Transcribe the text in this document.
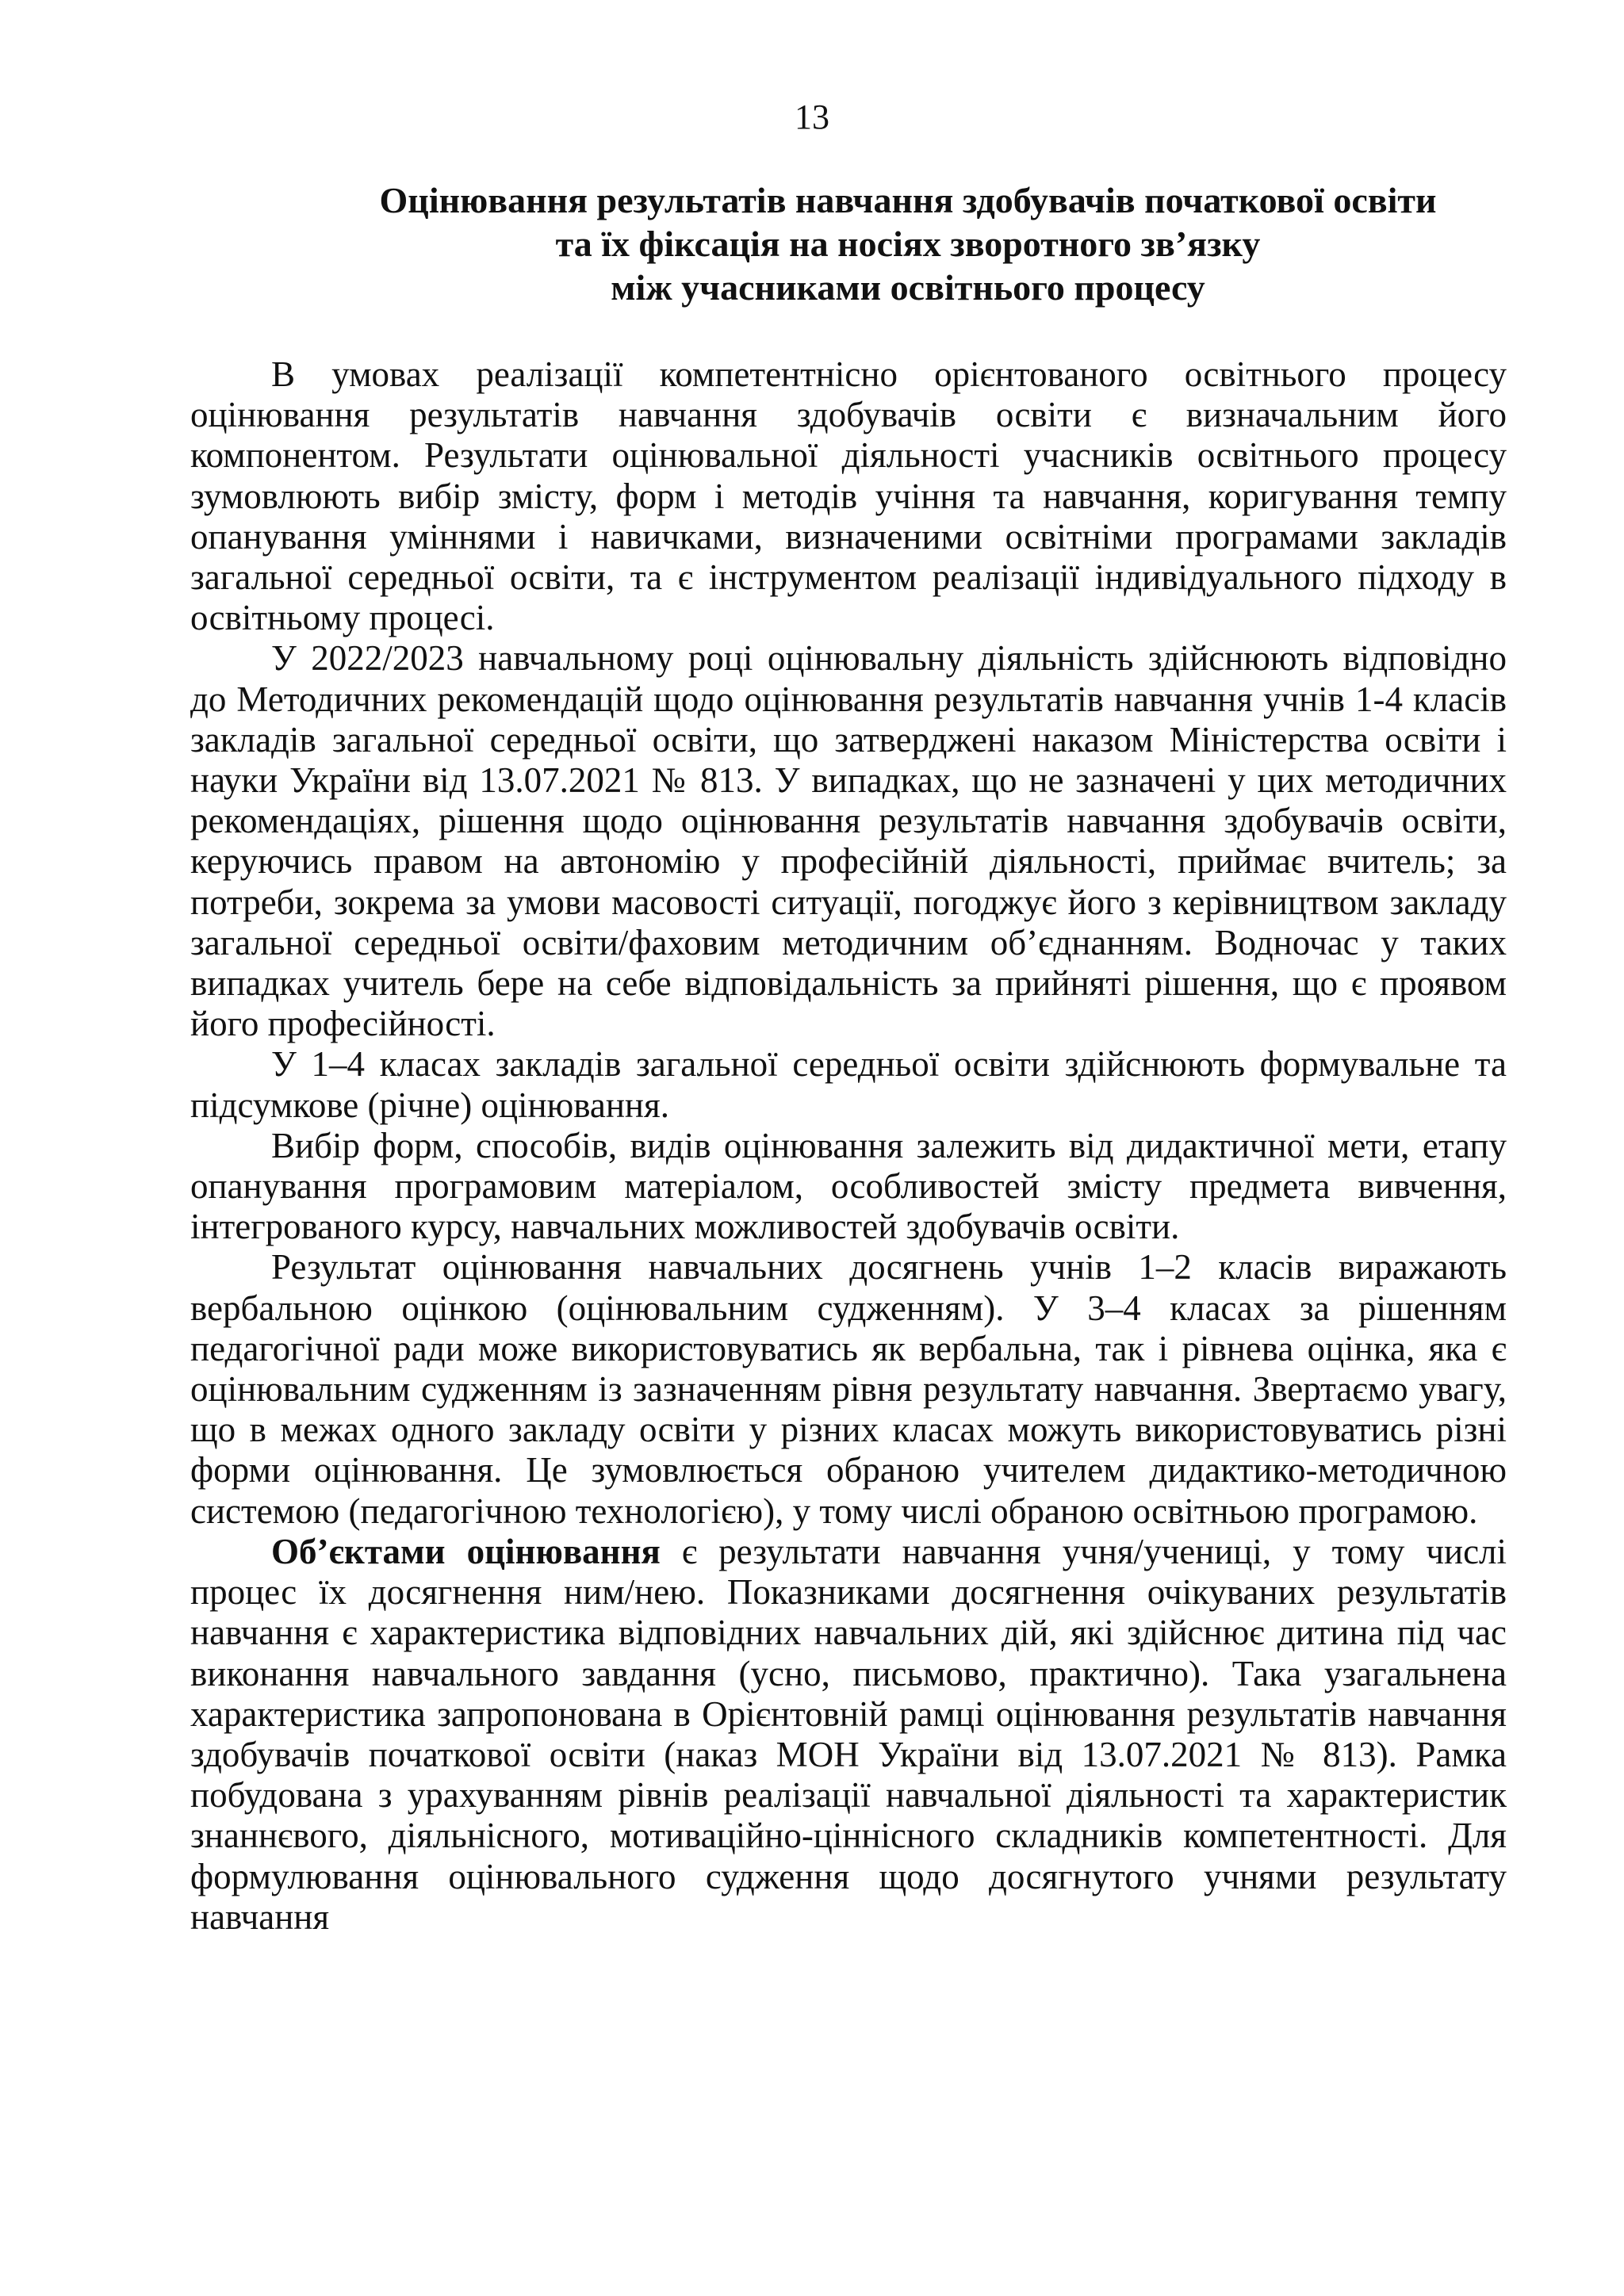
13
Оцінювання результатів навчання здобувачів початкової освіти
та їх фіксація на носіях зворотного зв’язку
між учасниками освітнього процесу

В умовах реалізації компетентнісно орієнтованого освітнього процесу оцінювання результатів навчання здобувачів освіти є визначальним його компонентом. Результати оцінювальної діяльності учасників освітнього процесу зумовлюють вибір змісту, форм і методів учіння та навчання, коригування темпу опанування уміннями і навичками, визначеними освітніми програмами закладів загальної середньої освіти, та є інструментом реалізації індивідуального підходу в освітньому процесі.

У 2022/2023 навчальному році оцінювальну діяльність здійснюють відповідно до Методичних рекомендацій щодо оцінювання результатів навчання учнів 1-4 класів закладів загальної середньої освіти, що затверджені наказом Міністерства освіти і науки України від 13.07.2021 № 813. У випадках, що не зазначені у цих методичних рекомендаціях, рішення щодо оцінювання результатів навчання здобувачів освіти, керуючись правом на автономію у професійній діяльності, приймає вчитель; за потреби, зокрема за умови масовості ситуації, погоджує його з керівництвом закладу загальної середньої освіти/фаховим методичним об’єднанням. Водночас у таких випадках учитель бере на себе відповідальність за прийняті рішення, що є проявом його професійності.

У 1–4 класах закладів загальної середньої освіти здійснюють формувальне та підсумкове (річне) оцінювання.

Вибір форм, способів, видів оцінювання залежить від дидактичної мети, етапу опанування програмовим матеріалом, особливостей змісту предмета вивчення, інтегрованого курсу, навчальних можливостей здобувачів освіти.

Результат оцінювання навчальних досягнень учнів 1–2 класів виражають вербальною оцінкою (оцінювальним судженням). У 3–4 класах за рішенням педагогічної ради може використовуватись як вербальна, так і рівнева оцінка, яка є оцінювальним судженням із зазначенням рівня результату навчання. Звертаємо увагу, що в межах одного закладу освіти у різних класах можуть використовуватись різні форми оцінювання. Це зумовлюється обраною учителем дидактико-методичною системою (педагогічною технологією), у тому числі обраною освітньою програмою.

Об’єктами оцінювання є результати навчання учня/учениці, у тому числі процес їх досягнення ним/нею. Показниками досягнення очікуваних результатів навчання є характеристика відповідних навчальних дій, які здійснює дитина під час виконання навчального завдання (усно, письмово, практично). Така узагальнена характеристика запропонована в Орієнтовній рамці оцінювання результатів навчання здобувачів початкової освіти (наказ МОН України від 13.07.2021 № 813). Рамка побудована з урахуванням рівнів реалізації навчальної діяльності та характеристик знаннєвого, діяльнісного, мотиваційно-ціннісного складників компетентності. Для формулювання оцінювального судження щодо досягнутого учнями результату навчання
